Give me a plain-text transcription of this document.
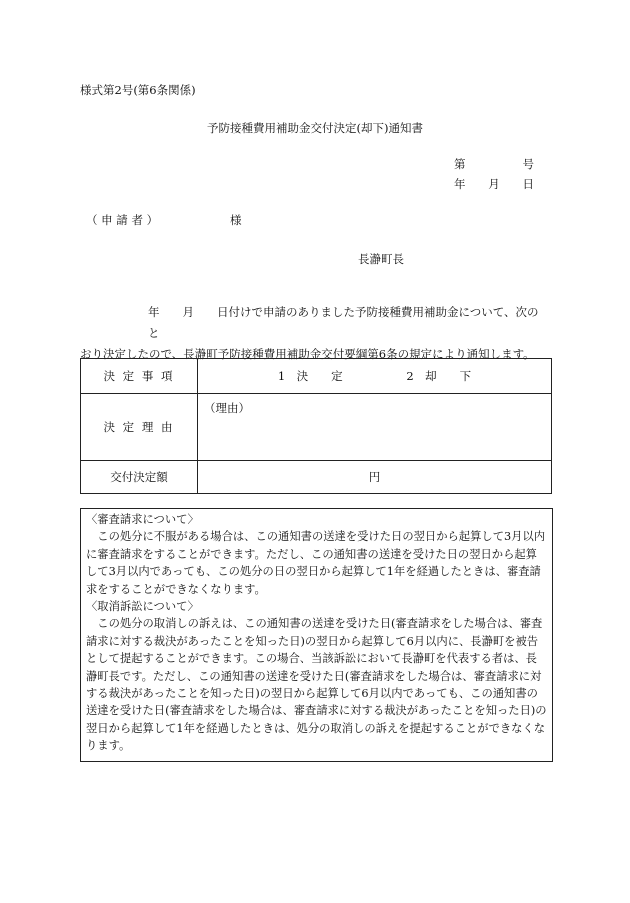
様式第2号(第6条関係)
予防接種費用補助金交付決定(却下)通知書
第	号
年 月 日
（ 申 請 者 ）	様
長瀞町長
年　　月　　日付けで申請のありました予防接種費用補助金について、次のと
おり決定したので、長瀞町予防接種費用補助金交付要綱第6条の規定により通知します。
決 定 事 項	1　決　　定 2　却　　下
決 定 理 由	（理由）

交付決定額	円

〈審査請求について〉

この処分に不服がある場合は、この通知書の送達を受けた日の翌日から起算して3月以内に審査請求をすることができます。ただし、この通知書の送達を受けた日の翌日から起算して3月以内であっても、この処分の日の翌日から起算して1年を経過したときは、審査請求をすることができなくなります。

〈取消訴訟について〉

この処分の取消しの訴えは、この通知書の送達を受けた日(審査請求をした場合は、審査請求に対する裁決があったことを知った日)の翌日から起算して6月以内に、長瀞町を被告として提起することができます。この場合、当該訴訟において長瀞町を代表する者は、長瀞町長です。ただし、この通知書の送達を受けた日(審査請求をした場合は、審査請求に対する裁決があったことを知った日)の翌日から起算して6月以内であっても、この通知書の送達を受けた日(審査請求をした場合は、審査請求に対する裁決があったことを知った日)の翌日から起算して1年を経過したときは、処分の取消しの訴えを提起することができなくなります。
